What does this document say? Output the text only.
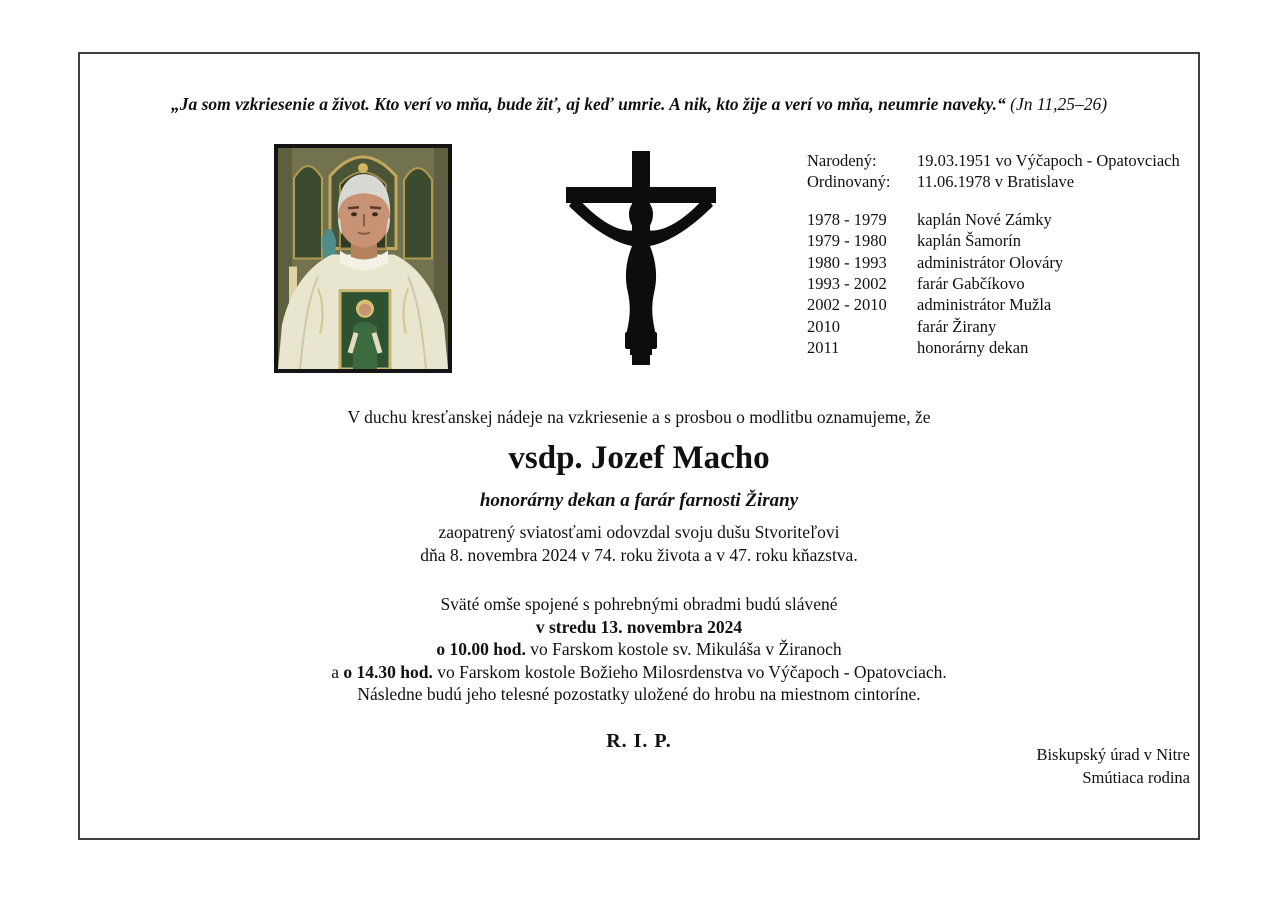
„Ja som vzkriesenie a život. Kto verí vo mňa, bude žiť, aj keď umrie. A nik, kto žije a verí vo mňa, neumrie naveky.“ (Jn 11,25–26)
Narodený:	19.03.1951 vo Výčapoch - Opatovciach
Ordinovaný:	11.06.1978 v Bratislave
1978 - 1979	kaplán Nové Zámky
1979 - 1980	kaplán Šamorín
1980 - 1993	administrátor Olováry
1993 - 2002	farár Gabčíkovo
2002 - 2010	administrátor Mužla
2010	farár Žirany
2011	honorárny dekan

V duchu kresťanskej nádeje na vzkriesenie a s prosbou o modlitbu oznamujeme, že

vsdp. Jozef Macho

honorárny dekan a farár farnosti Žirany

zaopatrený sviatosťami odovzdal svoju dušu Stvoriteľovi

dňa 8. novembra 2024 v 74. roku života a v 47. roku kňazstva.

Sväté omše spojené s pohrebnými obradmi budú slávené

v stredu 13. novembra 2024

o 10.00 hod. vo Farskom kostole sv. Mikuláša v Žiranoch

a o 14.30 hod. vo Farskom kostole Božieho Milosrdenstva vo Výčapoch - Opatovciach.

Následne budú jeho telesné pozostatky uložené do hrobu na miestnom cintoríne.

R. I. P.

Biskupský úrad v Nitre
Smútiaca rodina
